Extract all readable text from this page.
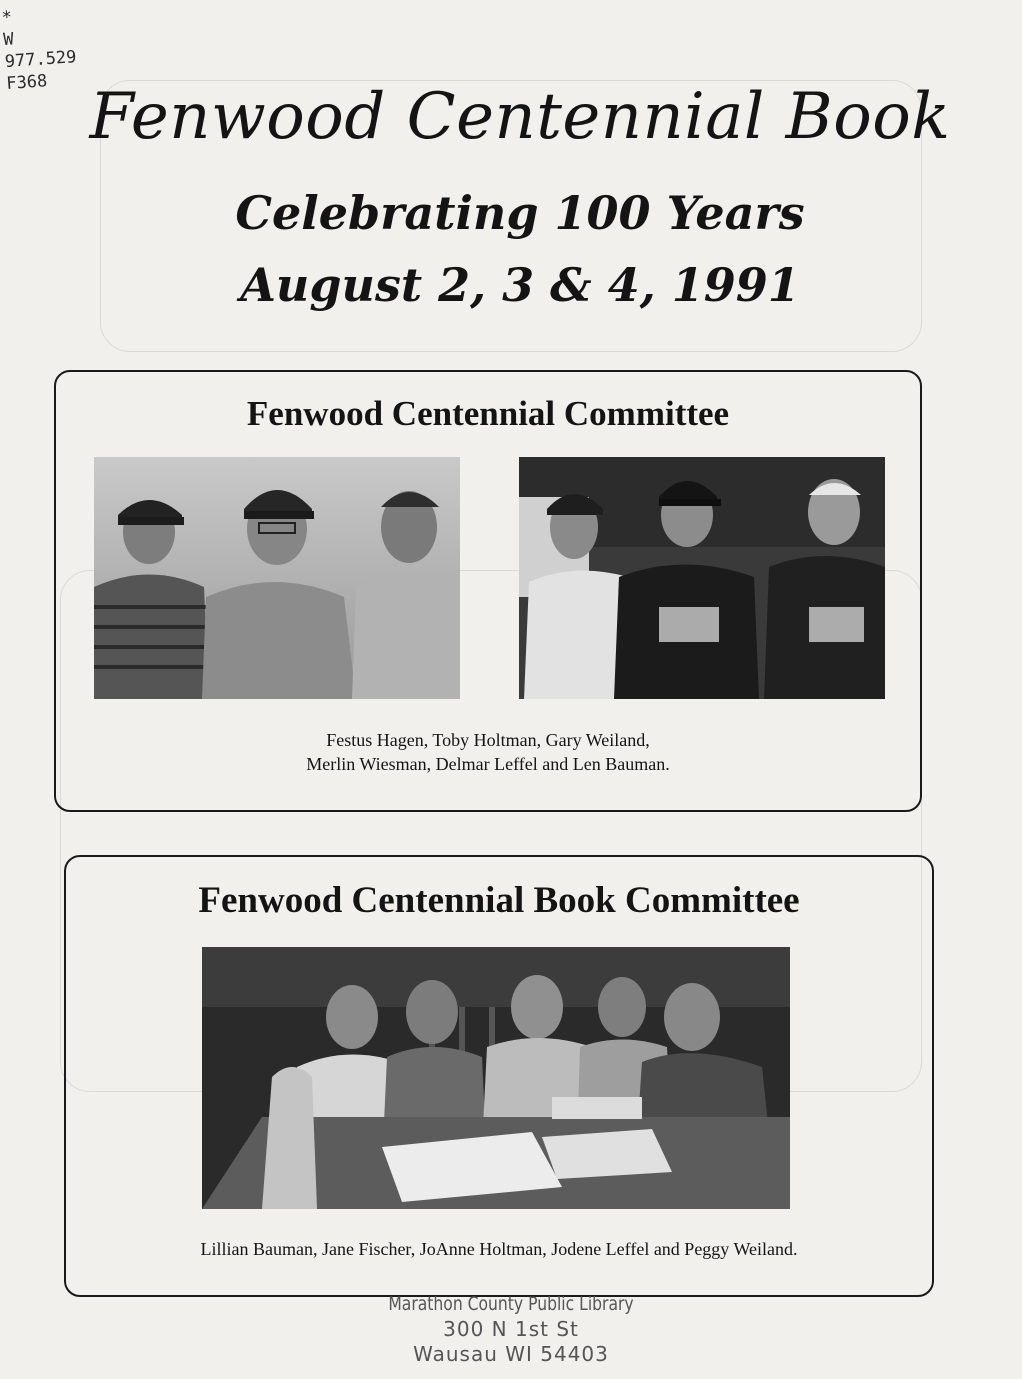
*
W
977.529
F368 Fenwood Centennial Book
Celebrating 100 Years
August 2, 3 & 4, 1991
Fenwood Centennial Committee
Festus Hagen, Toby Holtman, Gary Weiland,
Merlin Wiesman, Delmar Leffel and Len Bauman.
Fenwood Centennial Book Committee
Lillian Bauman, Jane Fischer, JoAnne Holtman, Jodene Leffel and Peggy Weiland.
Marathon County Public Library
300 N 1st St
Wausau WI 54403
